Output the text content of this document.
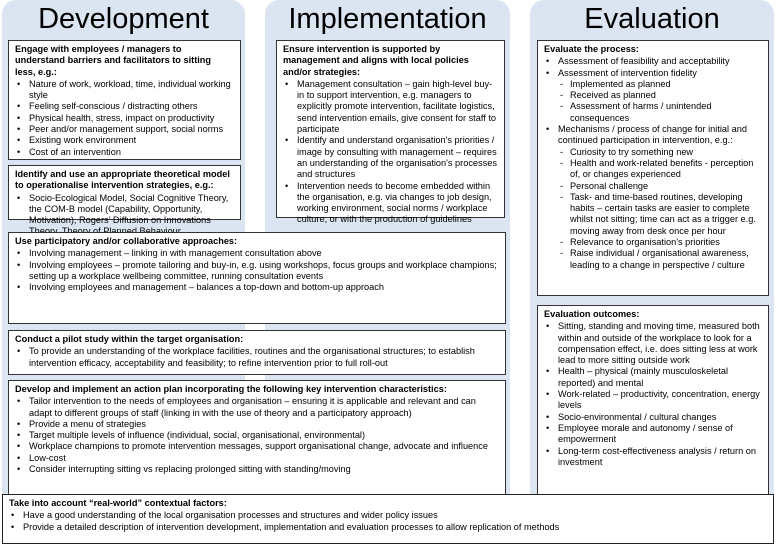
Development	Implementation	Evaluation
Engage with employees / managers to understand barriers and facilitators to sitting less, e.g.:
• Nature of work, workload, time, individual working style
• Feeling self-conscious / distracting others
• Physical health, stress, impact on productivity
• Peer and/or management support, social norms
• Existing work environment
• Cost of an intervention
Identify and use an appropriate theoretical model to operationalise intervention strategies, e.g.:
• Socio-Ecological Model, Social Cognitive Theory, the COM-B model (Capability, Opportunity, Motivation), Rogers’ Diffusion on Innovations
Ensure intervention is supported by management and aligns with local policies and/or strategies:
• Management consultation – gain high-level buy-in to support intervention, e.g. managers to explicitly promote intervention, facilitate logistics, send intervention emails, give consent for staff to participate
• Identify and understand organisation's priorities / image by consulting with management – requires an understanding of the organisation's processes and structures
• Intervention needs to become embedded within the organisation, e.g. via changes to job design, working environment, social norms / workplace culture, or with the production of guidelines
Use participatory and/or collaborative approaches:
• Involving management – linking in with management consultation above
• Involving employees – promote tailoring and buy-in, e.g. using workshops, focus groups and workplace champions; setting up a workplace wellbeing committee, running consultation events
• Involving employees and management – balances a top-down and bottom-up approach
Conduct a pilot study within the target organisation:
• To provide an understanding of the workplace facilities, routines and the organisational structures; to establish intervention efficacy, acceptability and feasibility; to refine intervention prior to full roll-out
Develop and implement an action plan incorporating the following key intervention characteristics:
• Tailor intervention to the needs of employees and organisation – ensuring it is applicable and relevant and can adapt to different groups of staff (linking in with the use of theory and a participatory approach)
• Provide a menu of strategies
• Target multiple levels of influence (individual, social, organisational, environmental)
• Workplace champions to promote intervention messages, support organisational change, advocate and influence
• Low-cost
• Consider interrupting sitting vs replacing prolonged sitting with standing/moving
Evaluate the process:
• Assessment of feasibility and acceptability
• Assessment of intervention fidelity
- Implemented as planned
- Received as planned
- Assessment of harms / unintended consequences
• Mechanisms / process of change for initial and continued participation in intervention, e.g.:
- Curiosity to try something new
- Health and work-related benefits - perception of, or changes experienced
- Personal challenge
- Task- and time-based routines, developing habits – certain tasks are easier to complete whilst not sitting; time can act as a trigger e.g. moving away from desk once per hour
- Relevance to organisation's priorities
- Raise individual / organisational awareness, leading to a change in perspective / culture
Evaluation outcomes:
• Sitting, standing and moving time, measured both within and outside of the workplace to look for a compensation effect, i.e. does sitting less at work lead to more sitting outside work
• Health – physical (mainly musculoskeletal reported) and mental
• Work-related – productivity, concentration, energy levels
• Socio-environmental / cultural changes
• Employee morale and autonomy / sense of empowerment
• Long-term cost-effectiveness analysis / return on investment
Take into account “real-world” contextual factors:
• Have a good understanding of the local organisation processes and structures and wider policy issues
• Provide a detailed description of intervention development, implementation and evaluation processes to allow replication of methods
